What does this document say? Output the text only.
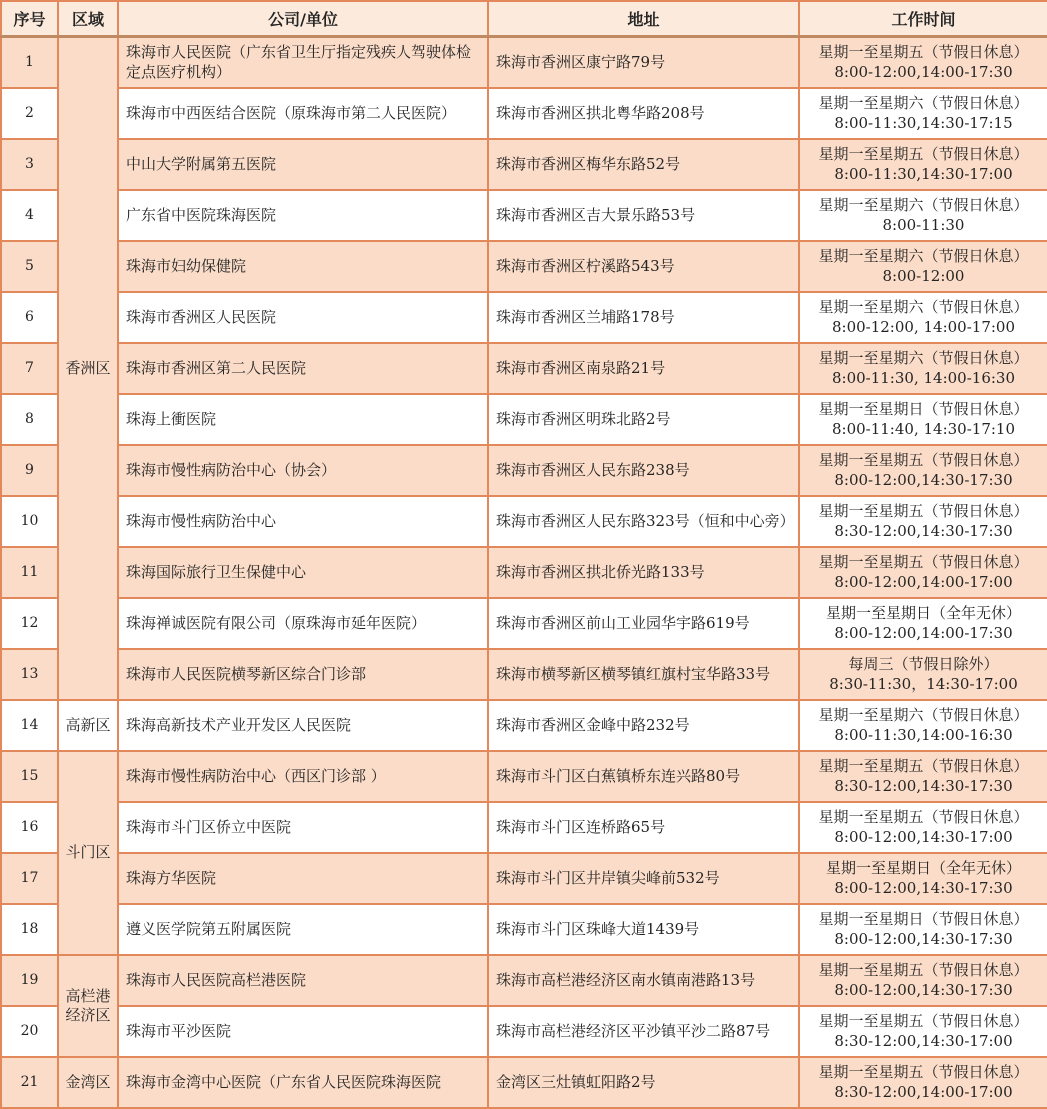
序号	区域	公司/单位	地址	工作时间
1	香洲区	珠海市人民医院（广东省卫生厅指定残疾人驾驶体检定点医疗机构）	珠海市香洲区康宁路79号	星期一至星期五（节假日休息）
8:00-12:00,14:00-17:30

2		珠海市中西医结合医院（原珠海市第二人民医院）	珠海市香洲区拱北粤华路208号	星期一至星期六（节假日休息）
8:00-11:30,14:30-17:15

3		中山大学附属第五医院	珠海市香洲区梅华东路52号	星期一至星期五（节假日休息）
8:00-11:30,14:30-17:00

4		广东省中医院珠海医院	珠海市香洲区吉大景乐路53号	星期一至星期六（节假日休息）
8:00-11:30

5		珠海市妇幼保健院	珠海市香洲区柠溪路543号	星期一至星期六（节假日休息）
8:00-12:00

6		珠海市香洲区人民医院	珠海市香洲区兰埔路178号	星期一至星期六（节假日休息）
8:00-12:00, 14:00-17:00

7		珠海市香洲区第二人民医院	珠海市香洲区南泉路21号	星期一至星期六（节假日休息）
8:00-11:30, 14:00-16:30

8		珠海上衝医院	珠海市香洲区明珠北路2号	星期一至星期日（节假日休息）
8:00-11:40, 14:30-17:10

9		珠海市慢性病防治中心（协会）	珠海市香洲区人民东路238号	星期一至星期五（节假日休息）
8:00-12:00,14:30-17:30

10		珠海市慢性病防治中心	珠海市香洲区人民东路323号（恒和中心旁）	星期一至星期五（节假日休息）
8:30-12:00,14:30-17:30

11		珠海国际旅行卫生保健中心	珠海市香洲区拱北侨光路133号	星期一至星期五（节假日休息）
8:00-12:00,14:00-17:00

12		珠海禅诚医院有限公司（原珠海市延年医院）	珠海市香洲区前山工业园华宇路619号	星期一至星期日（全年无休）
8:00-12:00,14:00-17:30

13		珠海市人民医院横琴新区综合门诊部	珠海市横琴新区横琴镇红旗村宝华路33号	每周三（节假日除外）
8:30-11:30，14:30-17:00

14	高新区	珠海高新技术产业开发区人民医院	珠海市香洲区金峰中路232号	星期一至星期六（节假日休息）
8:00-11:30,14:00-16:30

15	斗门区	珠海市慢性病防治中心（西区门诊部 ）	珠海市斗门区白蕉镇桥东连兴路80号	星期一至星期五（节假日休息）
8:30-12:00,14:30-17:30

16		珠海市斗门区侨立中医院	珠海市斗门区连桥路65号	星期一至星期五（节假日休息）
8:00-12:00,14:30-17:00

17		珠海方华医院	珠海市斗门区井岸镇尖峰前532号	星期一至星期日（全年无休）
8:00-12:00,14:30-17:30

18		遵义医学院第五附属医院	珠海市斗门区珠峰大道1439号	星期一至星期日（节假日休息）
8:00-12:00,14:30-17:30

19	高栏港经济区	珠海市人民医院高栏港医院	珠海市高栏港经济区南水镇南港路13号	星期一至星期五（节假日休息）
8:00-12:00,14:30-17:30

20		珠海市平沙医院	珠海市高栏港经济区平沙镇平沙二路87号	星期一至星期五（节假日休息）
8:30-12:00,14:30-17:00

21	金湾区	珠海市金湾中心医院（广东省人民医院珠海医院	金湾区三灶镇虹阳路2号	星期一至星期五（节假日休息）
8:30-12:00,14:00-17:00
